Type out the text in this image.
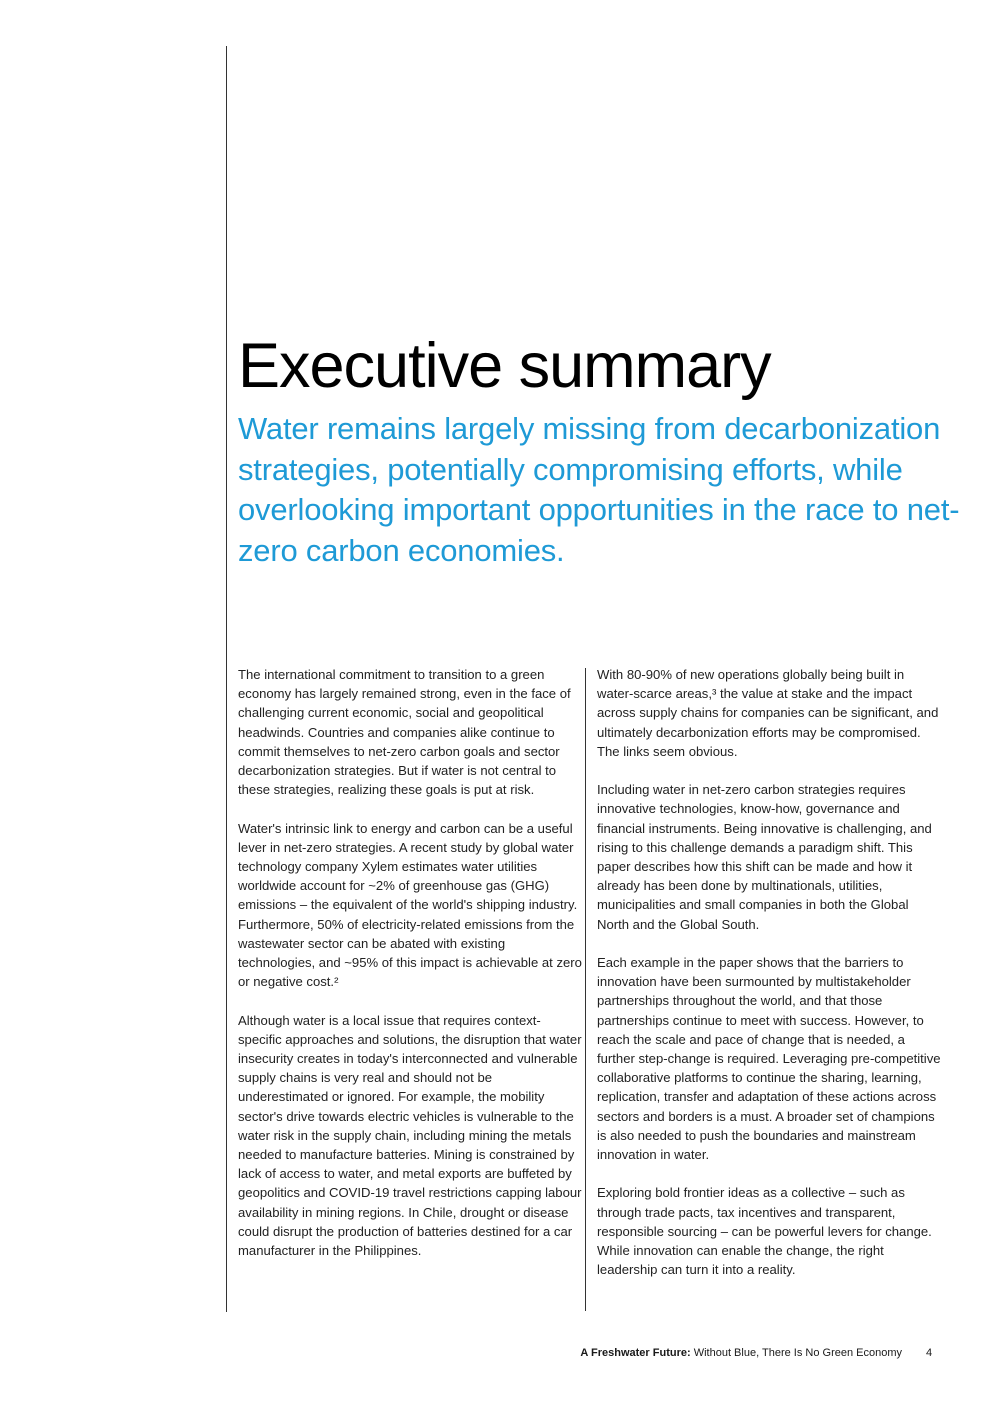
Executive summary

Water remains largely missing from decarbonization strategies, potentially compromising efforts, while overlooking important opportunities in the race to net-zero carbon economies.

The international commitment to transition to a green economy has largely remained strong, even in the face of challenging current economic, social and geopolitical headwinds. Countries and companies alike continue to commit themselves to net-zero carbon goals and sector decarbonization strategies. But if water is not central to these strategies, realizing these goals is put at risk.

Water's intrinsic link to energy and carbon can be a useful lever in net-zero strategies. A recent study by global water technology company Xylem estimates water utilities worldwide account for ~2% of greenhouse gas (GHG) emissions – the equivalent of the world's shipping industry. Furthermore, 50% of electricity-related emissions from the wastewater sector can be abated with existing technologies, and ~95% of this impact is achievable at zero or negative cost.²

Although water is a local issue that requires context-specific approaches and solutions, the disruption that water insecurity creates in today's interconnected and vulnerable supply chains is very real and should not be underestimated or ignored. For example, the mobility sector's drive towards electric vehicles is vulnerable to the water risk in the supply chain, including mining the metals needed to manufacture batteries. Mining is constrained by lack of access to water, and metal exports are buffeted by geopolitics and COVID-19 travel restrictions capping labour availability in mining regions. In Chile, drought or disease could disrupt the production of batteries destined for a car manufacturer in the Philippines.

With 80-90% of new operations globally being built in water-scarce areas,³ the value at stake and the impact across supply chains for companies can be significant, and ultimately decarbonization efforts may be compromised. The links seem obvious.

Including water in net-zero carbon strategies requires innovative technologies, know-how, governance and financial instruments. Being innovative is challenging, and rising to this challenge demands a paradigm shift. This paper describes how this shift can be made and how it already has been done by multinationals, utilities, municipalities and small companies in both the Global North and the Global South.

Each example in the paper shows that the barriers to innovation have been surmounted by multistakeholder partnerships throughout the world, and that those partnerships continue to meet with success. However, to reach the scale and pace of change that is needed, a further step-change is required. Leveraging pre-competitive collaborative platforms to continue the sharing, learning, replication, transfer and adaptation of these actions across sectors and borders is a must. A broader set of champions is also needed to push the boundaries and mainstream innovation in water.

Exploring bold frontier ideas as a collective – such as through trade pacts, tax incentives and transparent, responsible sourcing – can be powerful levers for change. While innovation can enable the change, the right leadership can turn it into a reality.

A Freshwater Future: Without Blue, There Is No Green Economy 4
